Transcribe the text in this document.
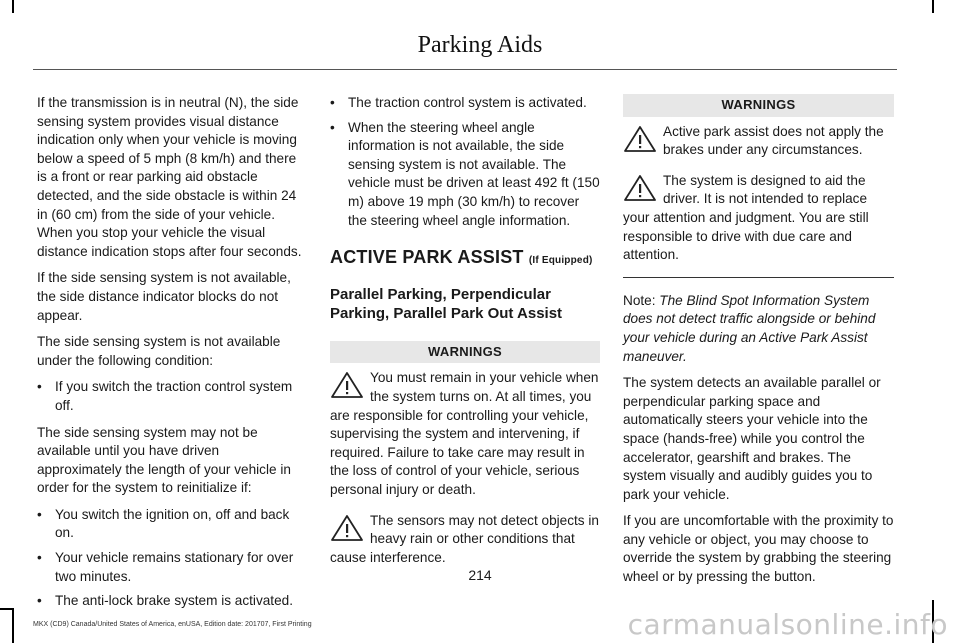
Parking Aids

If the transmission is in neutral (N), the side sensing system provides visual distance indication only when your vehicle is moving below a speed of 5 mph (8 km/h) and there is a front or rear parking aid obstacle detected, and the side obstacle is within 24 in (60 cm) from the side of your vehicle. When you stop your vehicle the visual distance indication stops after four seconds.

If the side sensing system is not available, the side distance indicator blocks do not appear.

The side sensing system is not available under the following condition:

• If you switch the traction control system off.

The side sensing system may not be available until you have driven approximately the length of your vehicle in order for the system to reinitialize if:

• You switch the ignition on, off and back on.
• Your vehicle remains stationary for over two minutes.
• The anti-lock brake system is activated.
• The traction control system is activated.
• When the steering wheel angle information is not available, the side sensing system is not available. The vehicle must be driven at least 492 ft (150 m) above 19 mph (30 km/h) to recover the steering wheel angle information.
ACTIVE PARK ASSIST (If Equipped)
Parallel Parking, Perpendicular Parking, Parallel Park Out Assist
WARNINGS
You must remain in your vehicle when the system turns on. At all times, you are responsible for controlling your vehicle, supervising the system and intervening, if required. Failure to take care may result in the loss of control of your vehicle, serious personal injury or death.
The sensors may not detect objects in heavy rain or other conditions that cause interference.
WARNINGS
Active park assist does not apply the brakes under any circumstances.
The system is designed to aid the driver. It is not intended to replace your attention and judgment. You are still responsible to drive with due care and attention.

Note: The Blind Spot Information System does not detect traffic alongside or behind your vehicle during an Active Park Assist maneuver.

The system detects an available parallel or perpendicular parking space and automatically steers your vehicle into the space (hands-free) while you control the accelerator, gearshift and brakes. The system visually and audibly guides you to park your vehicle.

If you are uncomfortable with the proximity to any vehicle or object, you may choose to override the system by grabbing the steering wheel or by pressing the button.

214
MKX (CD9) Canada/United States of America, enUSA, Edition date: 201707, First Printing	carmanualsonline.info
